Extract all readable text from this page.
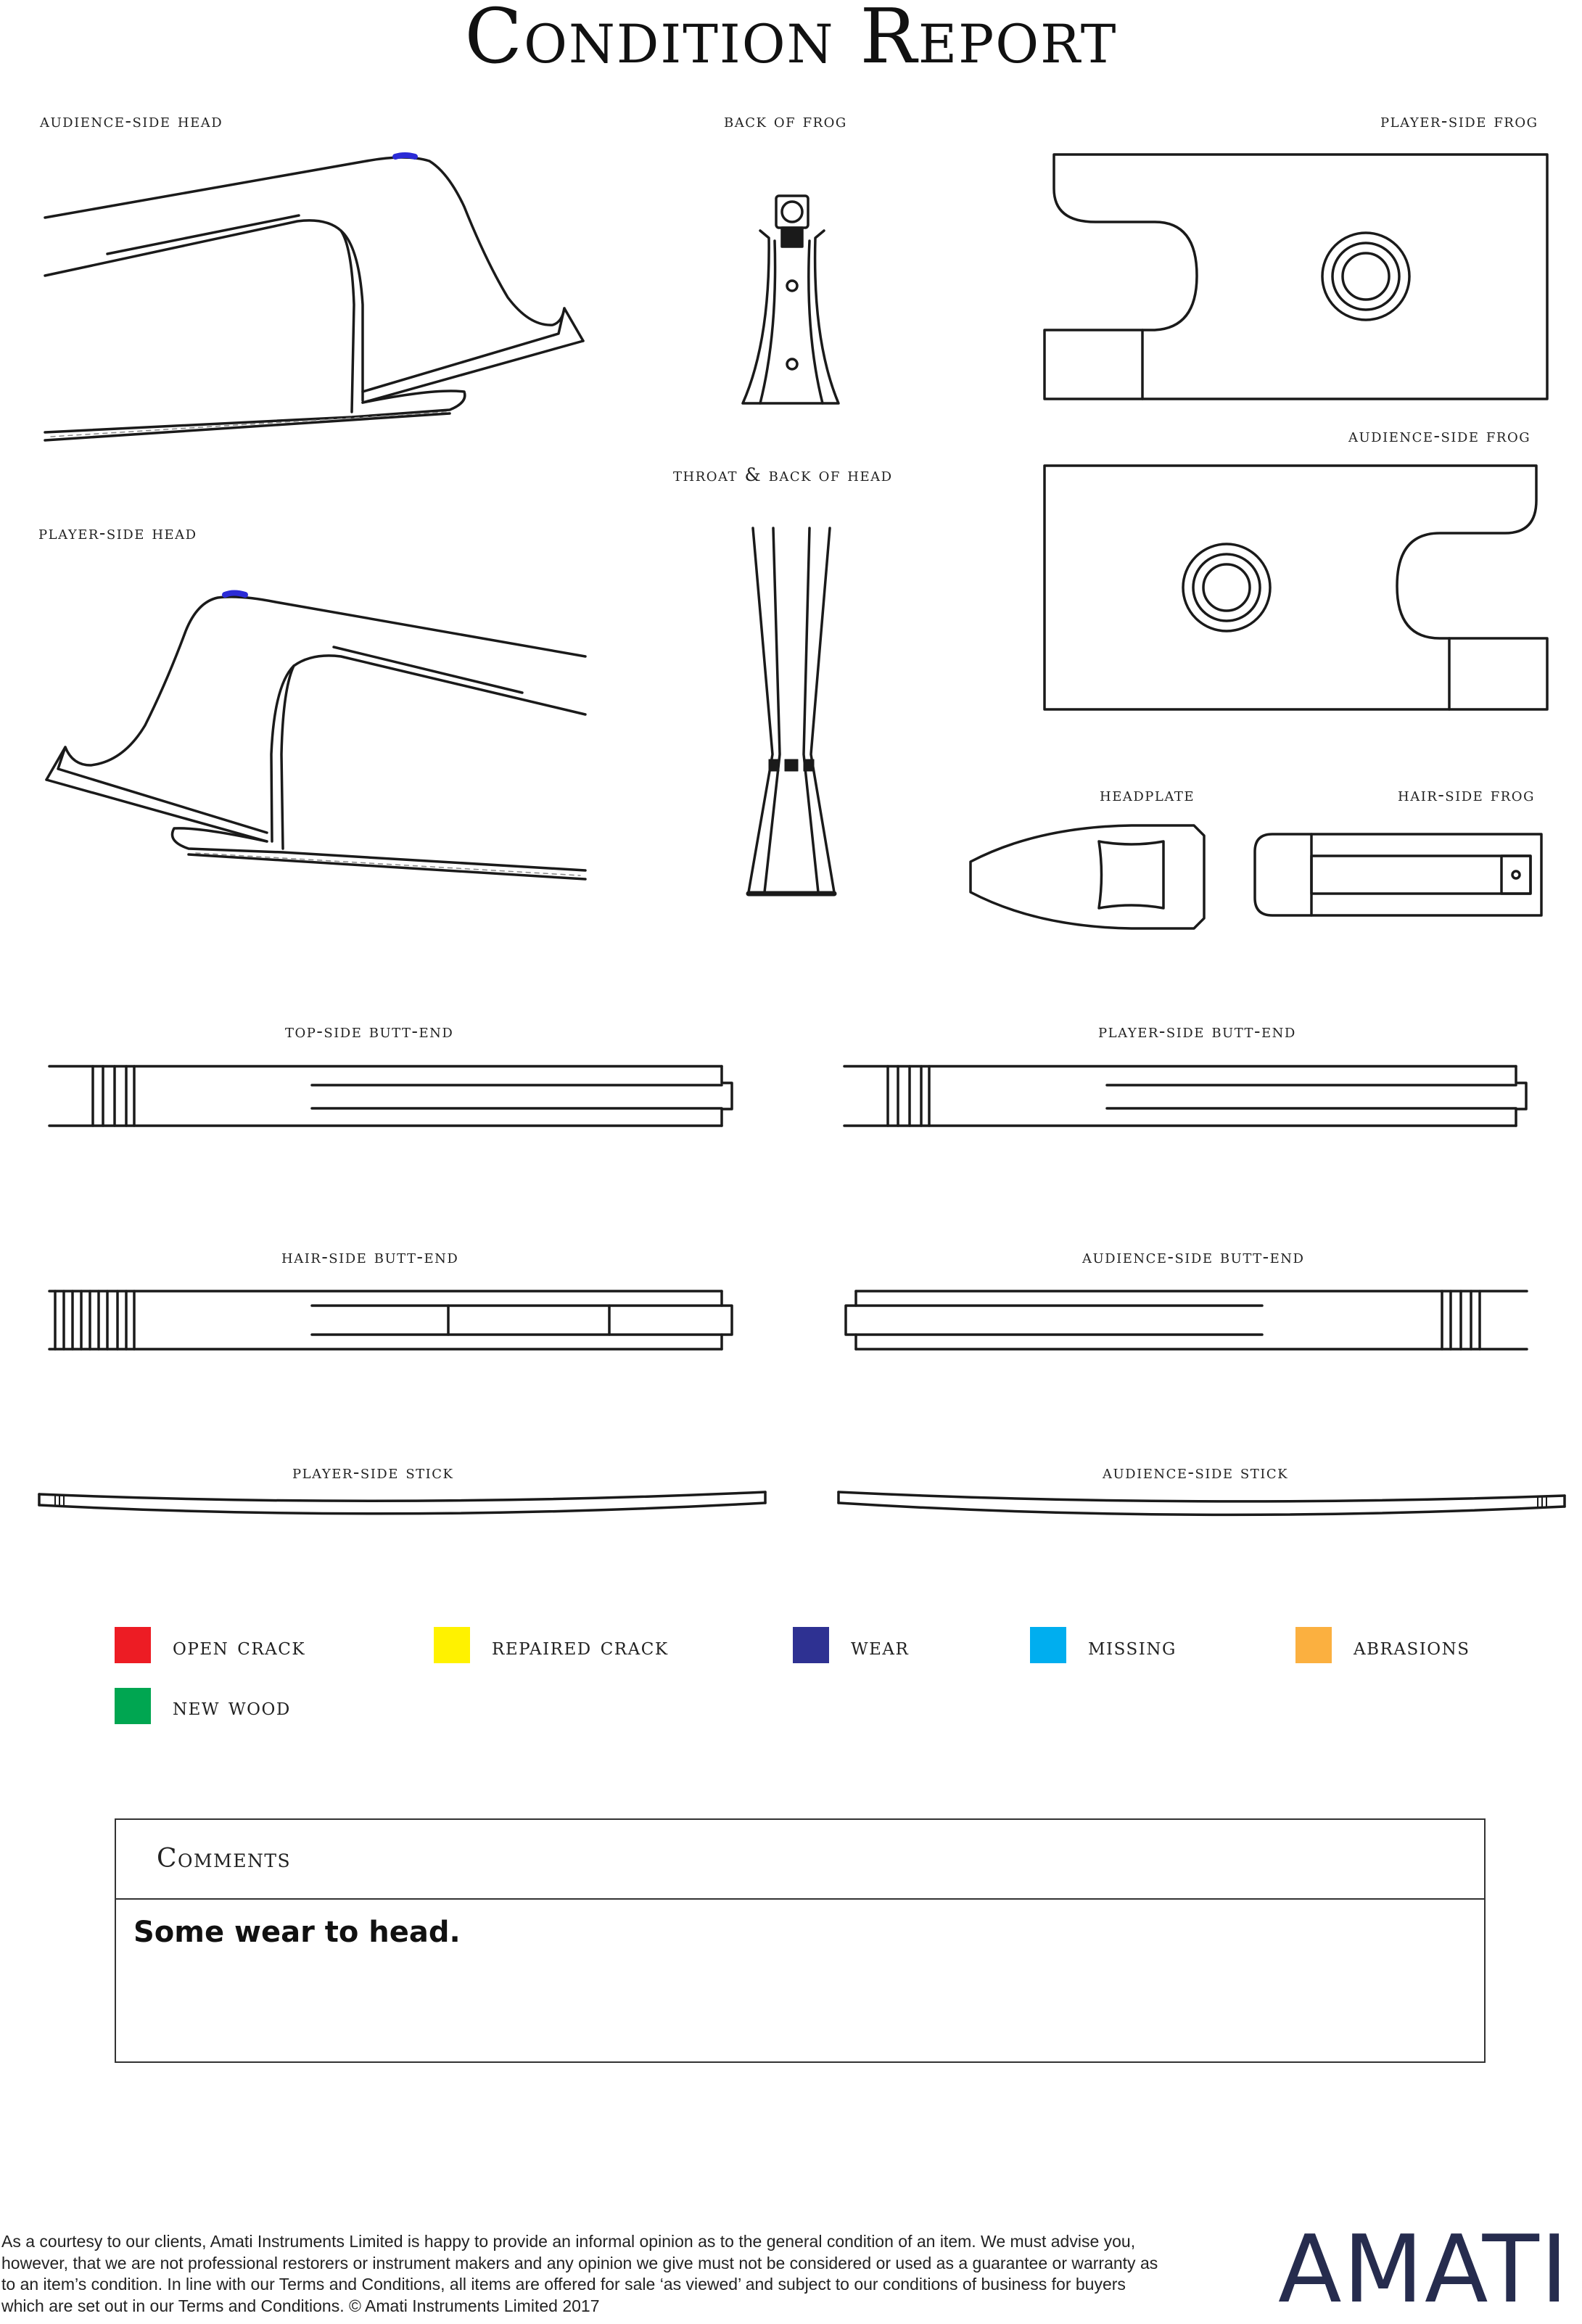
Condition Report
audience-side head	back of frog	player-side frog
audience-side frog
throat & back of head
player-side head
headplate	hair-side frog
top-side butt-end	player-side butt-end
hair-side butt-end	audience-side butt-end
player-side stick	audience-side stick
open crack	repaired crack	wear	missing	abrasions
new wood
Comments
Some wear to head.
As a courtesy to our clients, Amati Instruments Limited is happy to provide an informal opinion as to the general condition of an item. We must advise you, however, that we are not professional restorers or instrument makers and any opinion we give must not be considered or used as a guarantee or warranty as to an item’s condition. In line with our Terms and Conditions, all items are offered for sale ‘as viewed’ and subject to our conditions of business for buyers which are set out in our Terms and Conditions. © Amati Instruments Limited 2017	AMATI
